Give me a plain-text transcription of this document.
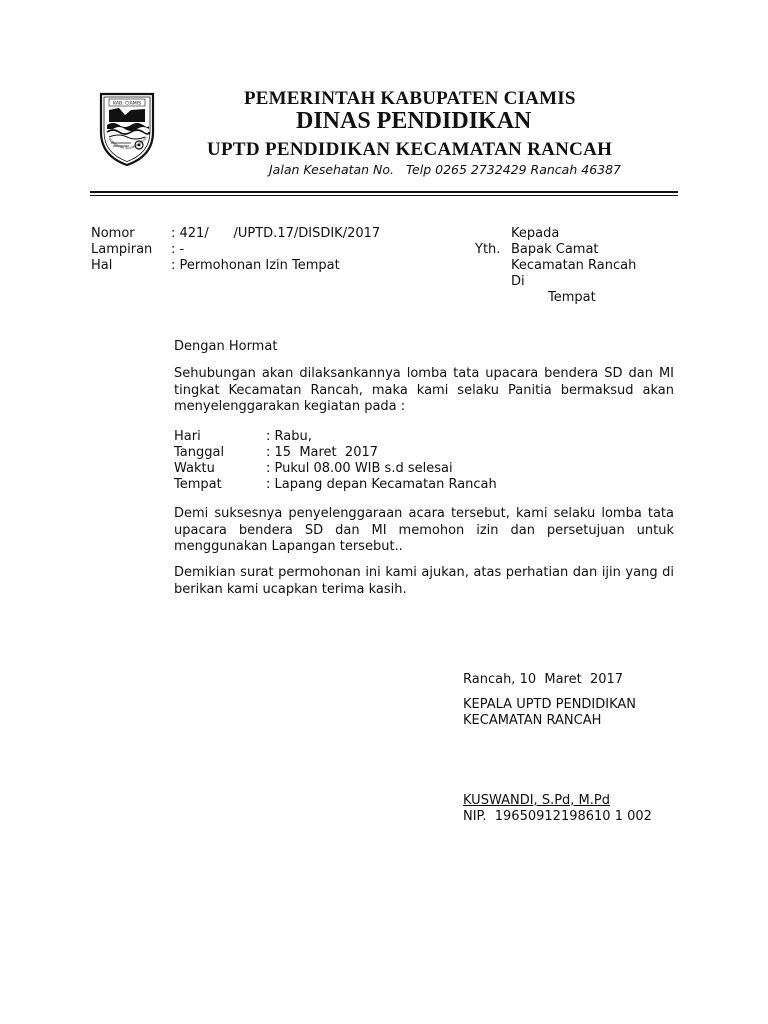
KAB. CIAMIS
Mahayunan Ayuna Kadatuan
PEMERINTAH KABUPATEN CIAMIS
DINAS PENDIDIKAN
UPTD PENDIDIKAN KECAMATAN RANCAH
Jalan Kesehatan No.   Telp 0265 2732429 Rancah 46387
Nomor	: 421/      /UPTD.17/DISDIK/2017
Lampiran : -
Hal	: Permohonan Izin Tempat
Kepada
Yth. Bapak Camat
Kecamatan Rancah
Di
Tempat
Dengan Hormat
Sehubungan akan dilaksankannya lomba tata upacara bendera SD dan MI tingkat Kecamatan Rancah, maka kami selaku Panitia bermaksud akan menyelenggarakan kegiatan pada :
Hari	: Rabu,
Tanggal	: 15  Maret  2017
Waktu	: Pukul 08.00 WIB s.d selesai
Tempat	: Lapang depan Kecamatan Rancah
Demi suksesnya penyelenggaraan acara tersebut, kami selaku lomba tata upacara bendera SD dan MI memohon izin dan persetujuan untuk menggunakan Lapangan tersebut..
Demikian surat permohonan ini kami ajukan, atas perhatian dan ijin yang di berikan kami ucapkan terima kasih.
Rancah, 10  Maret  2017
KEPALA UPTD PENDIDIKAN
KECAMATAN RANCAH
KUSWANDI, S.Pd, M.Pd
NIP.  19650912198610 1 002
